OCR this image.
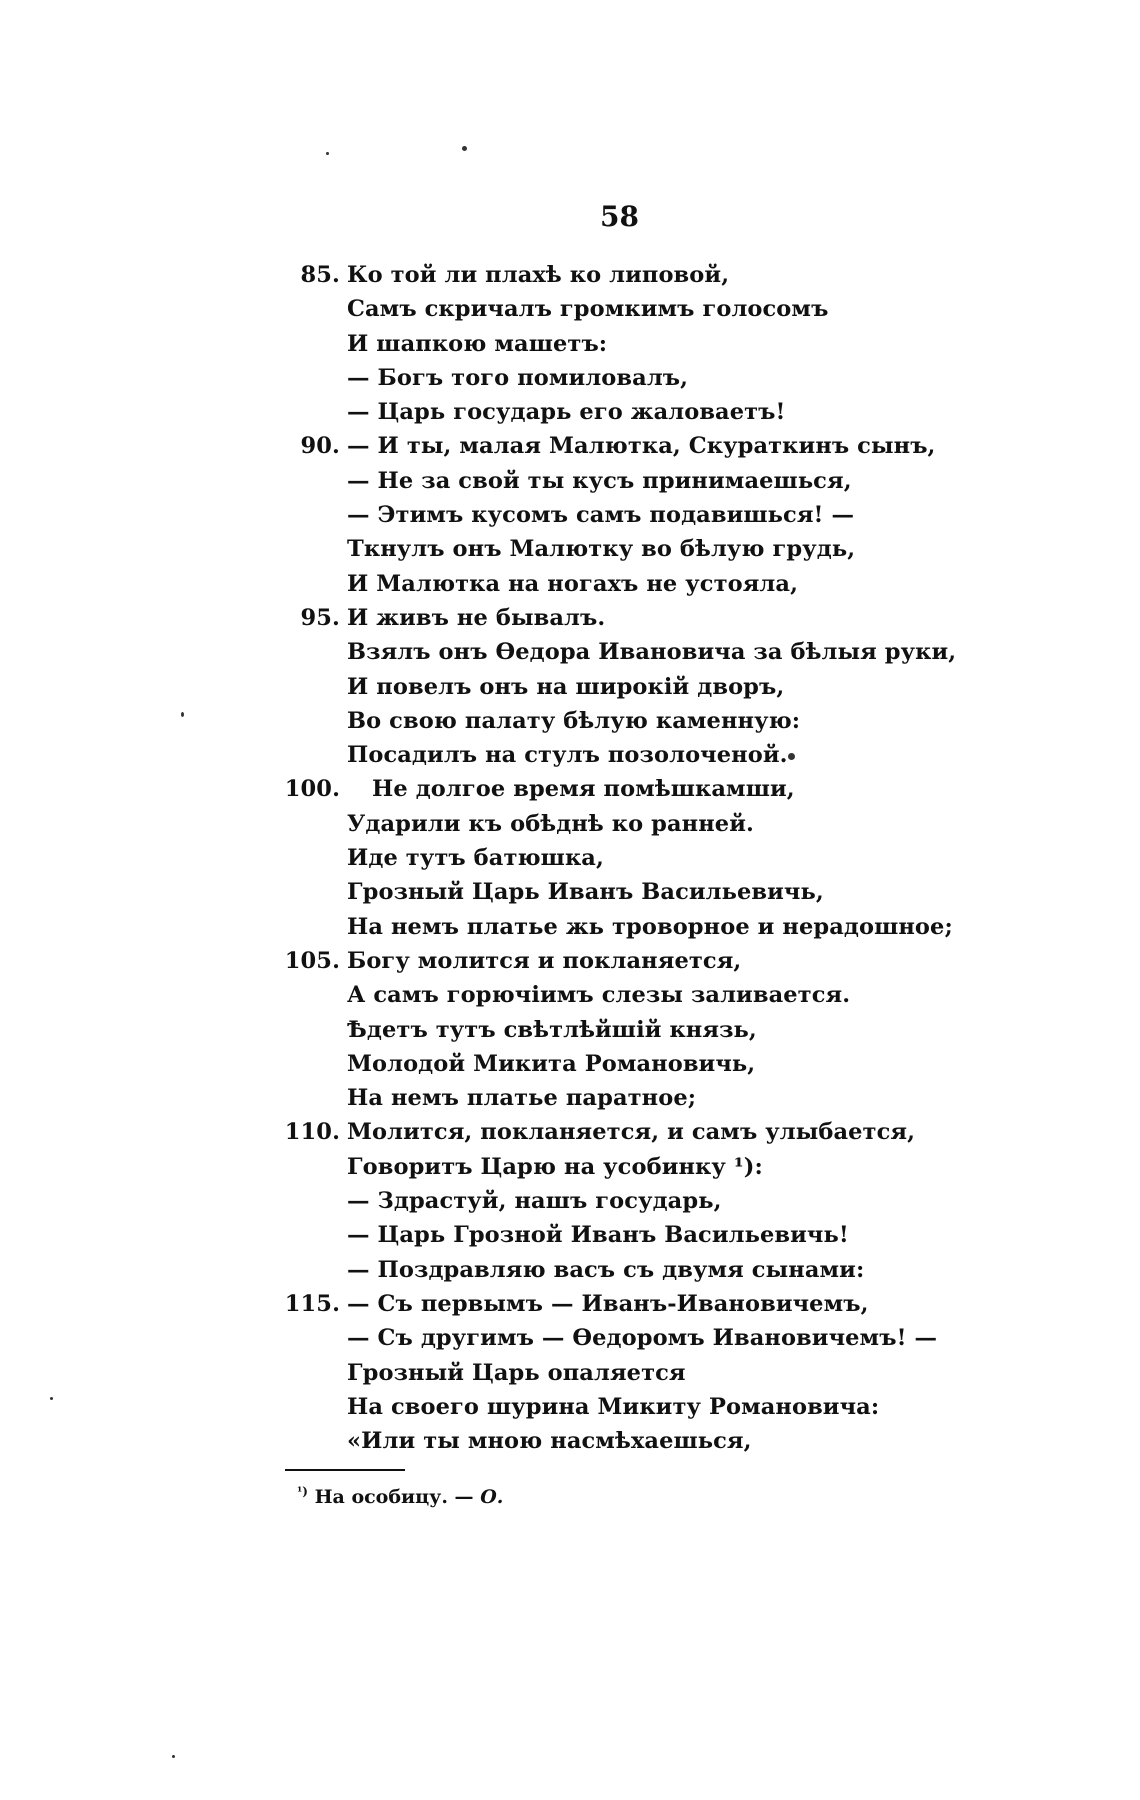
58
85. Ко той ли плахѣ ко липовой,
Самъ скричалъ громкимъ голосомъ
И шапкою машетъ:
— Богъ того помиловалъ,
— Царь государь его жаловаетъ!
90. — И ты, малая Малютка, Скураткинъ сынъ,
— Не за свой ты кусъ принимаешься,
— Этимъ кусомъ самъ подавишься! —
Ткнулъ онъ Малютку во бѣлую грудь,
И Малютка на ногахъ не устояла,
95. И живъ не бывалъ.
Взялъ онъ Ѳедора Ивановича за бѣлыя руки,
И повелъ онъ на широкій дворъ,
Во свою палату бѣлую каменную:
Посадилъ на стулъ позолоченой.
100. Не долгое время помѣшкамши,
Ударили къ обѣднѣ ко ранней.
Иде тутъ батюшка,
Грозный Царь Иванъ Васильевичь,
На немъ платье жь троворное и нерадошное;
105. Богу молится и покланяется,
А самъ горючіимъ слезы заливается.
Ѣдетъ тутъ свѣтлѣйшій князь,
Молодой Микита Романовичь,
На немъ платье паратное;
110. Молится, покланяется, и самъ улыбается,
Говоритъ Царю на усобинку ¹):
— Здрастуй, нашъ государь,
— Царь Грозной Иванъ Васильевичь!
— Поздравляю васъ съ двумя сынами:
115. — Съ первымъ — Иванъ-Ивановичемъ,
— Съ другимъ — Ѳедоромъ Ивановичемъ! —
Грозный Царь опаляется
На своего шурина Микиту Романовича:
«Или ты мною насмѣхаешься,
$^{^1)}$ На особицу. — О.
